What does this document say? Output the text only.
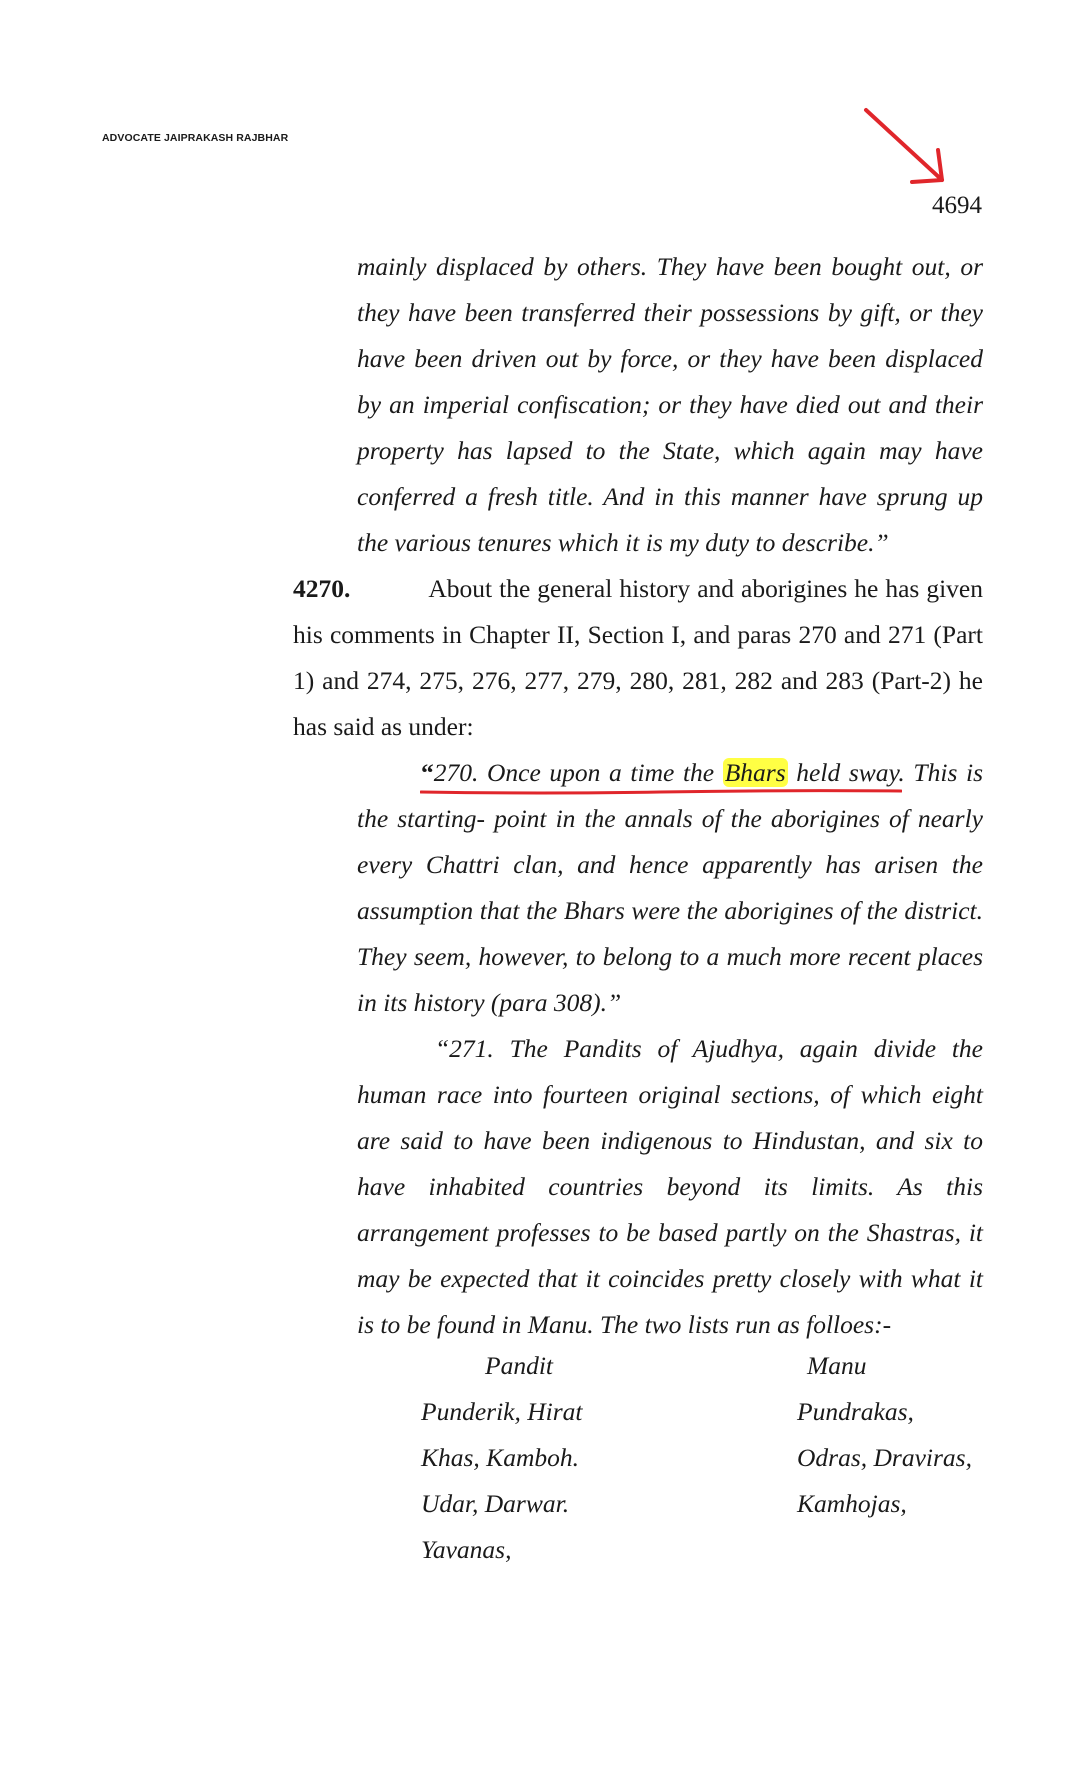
ADVOCATE JAIPRAKASH RAJBHAR
4694
mainly displaced by others. They have been bought out, or they have been transferred their possessions by gift, or they have been driven out by force, or they have been displaced by an imperial confiscation; or they have died out and their property has lapsed to the State, which again may have conferred a fresh title. And in this manner have sprung up the various tenures which it is my duty to describe.”
4270.	About the general history and aborigines he has given his comments in Chapter II, Section I, and paras 270 and 271 (Part 1) and 274, 275, 276, 277, 279, 280, 281, 282 and 283 (Part-2) he has said as under:
“270. Once upon a time the Bhars held sway. This is the starting- point in the annals of the aborigines of nearly every Chattri clan, and hence apparently has arisen the assumption that the Bhars were the aborigines of the district. They seem, however, to belong to a much more recent places in its history (para 308).”
“271. The Pandits of Ajudhya, again divide the human race into fourteen original sections, of which eight are said to have been indigenous to Hindustan, and six to have inhabited countries beyond its limits. As this arrangement professes to be based partly on the Shastras, it may be expected that it coincides pretty closely with what it is to be found in Manu. The two lists run as folloes:-
Pandit
Punderik, Hirat
Khas, Kamboh.
Udar, Darwar.
Yavanas,
Manu
Pundrakas,
Odras, Draviras,
Kamhojas,
